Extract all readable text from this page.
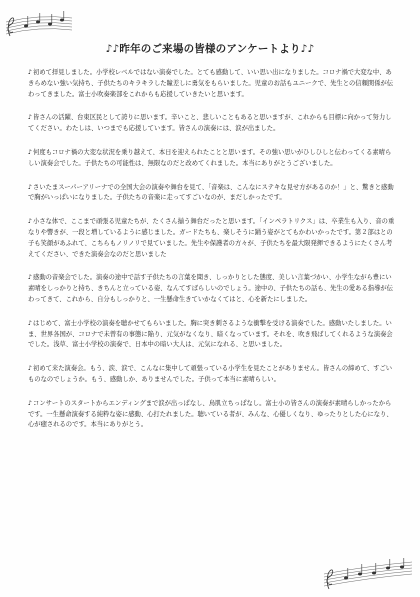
♪♪昨年のご来場の皆様のアンケートより♪♪

♪初めて拝見しました。小学校レベルではない演奏でした。とても感動して、いい思い出になりました。コロナ禍で大変な中、あきらめない強い気持ち、子供たちのキラキラした瞳差しに勇気をもらいました。児童のお話もユニークで、先生との信頼関係が伝わってきました。富士小吹奏楽部をこれからも応援していきたいと思います。

♪皆さんの活躍、台東区民として誇りに思います。辛いこと、悲しいこともあると思いますが、これからも目標に向かって努力してください。わたしは、いつまでも応援しています。皆さんの演奏には、涙が出ました。

♪何度もコロナ禍の大変な状況を乗り越えて、本日を迎えられたことと思います。その強い思いがひしひしと伝わってくる素晴らしい演奏会でした。子供たちの可能性は、無限なのだと改めてくれました。本当にありがとうございました。

♪さいたまスーパーアリーナでの全国大会の演奏や舞台を見て、「音楽は、こんなにステキな見せ方があるのか！」と、驚きと感動で胸がいっぱいになりました。子供たちの音楽に走ってすごいなのが、まだしかったです。

♪小さな体で、ここまで頑張る児童たちが、たくさん揃う舞台だったと思います。「インペラトリクス」は、卒業生も入り、音の重なりや響きが、一段と増しているように感じました。ガードたちも、楽しそうに踊う姿がとてもかわいかったです。第２部はとの子も笑顔があふれて、こちらもノリノリで見ていました。先生や保護者の方々が、子供たちを最大限発揮できるようにたくさん考えてください、できた演奏会なのだと思いました

♪感動の音楽会でした。演奏の途中で話す子供たちの言葉を聞き、しっかりとした態度、美しい言葉づかい、小学生ながら豊にい素晴をしっかりと持ち、きちんと立っている姿、なんてすばらしいのでしょう。途中の、子供たちの話も、先生の愛ある指導が伝わってきて、これから、自分もしっかりと、一生懸命生きていかなくてはと、心を新たにしました。

♪はじめて、富士小学校の演奏を聴かせてもらいました。胸に突き刺さるような衝撃を受ける演奏でした。感動いたしました。いま、世界各国が、コロナで未曽有の事態に陥り、元気がなくなり、暗くなっています。それを、吹き飛ばしてくれるような演奏会でした。浅草、富士小学校の演奏で、日本中の暗い大人は、元気になれる、と思いました。

♪初めて来た演奏会。もう、涙、涙で、こんなに集中して頑張っている小学生を見たことがありません。皆さんの締めて、すごいものなのでしょうか。もう、感動しか、ありませんでした。子供って本当に素晴らしい。

♪コンサートのスタートからエンディングまで涙が出っぱなし、鳥肌立ちっぱなし。富士小の皆さんの演奏が素晴らしかったからです。一生懸命演奏する純粋な姿に感動、心打たれました。聴いている者が、みんな、心優しくなり、ゆったりとした心になり、心が癒されるのです。本当にありがとう。
